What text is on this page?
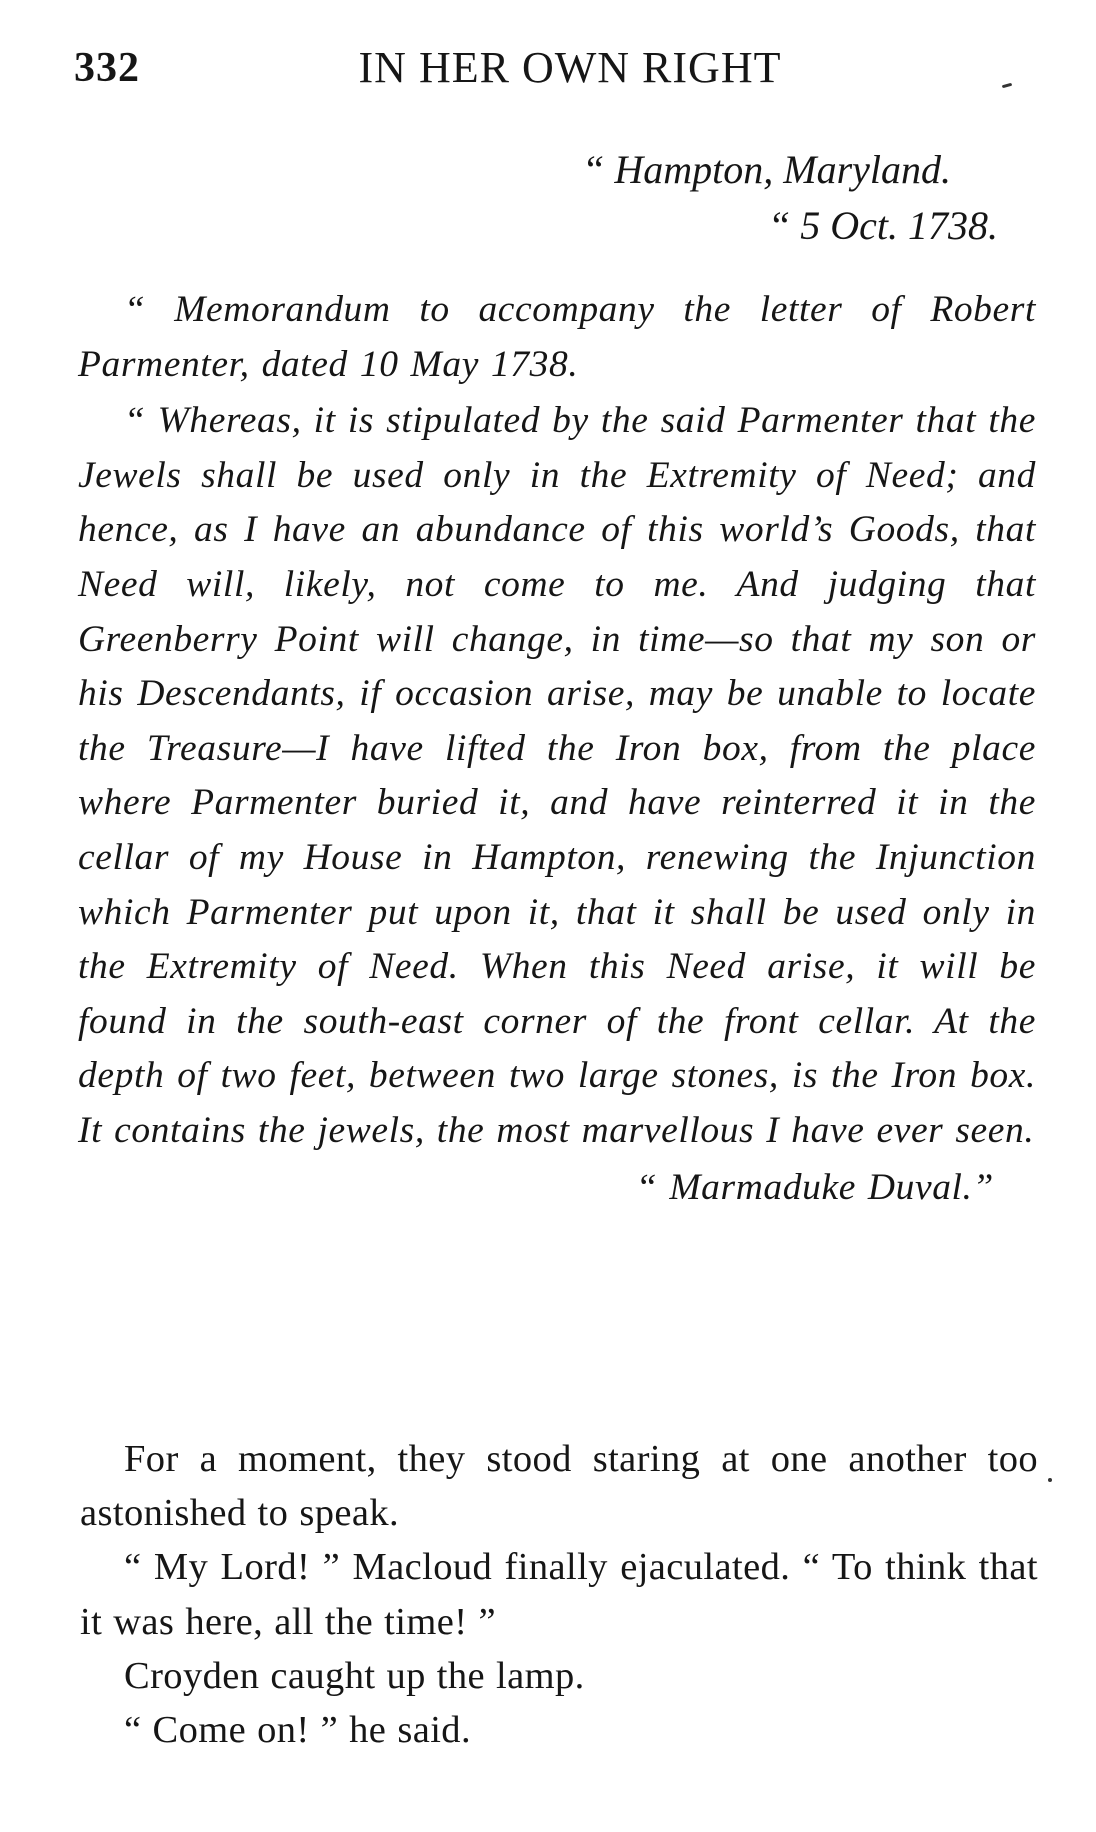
332	IN HER OWN RIGHT
“ Hampton, Maryland.
“ 5 Oct. 1738.

“ Memorandum to accompany the letter of Robert Parmenter, dated 10 May 1738.

“ Whereas, it is stipulated by the said Parmenter that the Jewels shall be used only in the Extremity of Need; and hence, as I have an abundance of this world’s Goods, that Need will, likely, not come to me. And judging that Greenberry Point will change, in time—so that my son or his Descendants, if occasion arise, may be unable to locate the Treasure—I have lifted the Iron box, from the place where Parmenter buried it, and have reinterred it in the cellar of my House in Hampton, renewing the Injunction which Parmenter put upon it, that it shall be used only in the Extremity of Need. When this Need arise, it will be found in the south-east corner of the front cellar. At the depth of two feet, between two large stones, is the Iron box. It contains the jewels, the most marvellous I have ever seen.

“ Marmaduke Duval.”

For a moment, they stood staring at one another too astonished to speak.

“ My Lord! ” Macloud finally ejaculated. “ To think that it was here, all the time! ”

Croyden caught up the lamp.

“ Come on! ” he said.
